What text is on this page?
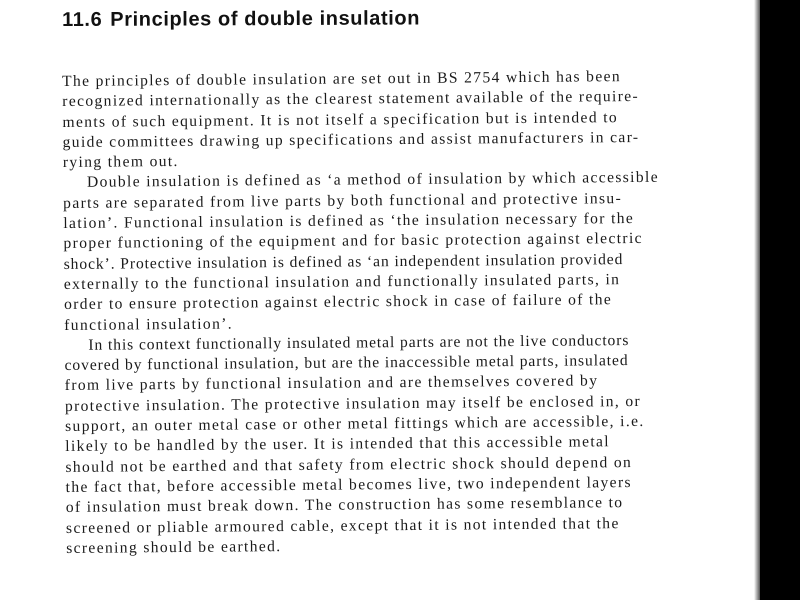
11.6 Principles of double insulation
The principles of double insulation are set out in BS 2754 which has been
recognized internationally as the clearest statement available of the require-
ments of such equipment. It is not itself a specification but is intended to
guide committees drawing up specifications and assist manufacturers in car-
rying them out.
Double insulation is defined as ‘a method of insulation by which accessible
parts are separated from live parts by both functional and protective insu-
lation’. Functional insulation is defined as ‘the insulation necessary for the
proper functioning of the equipment and for basic protection against electric
shock’. Protective insulation is defined as ‘an independent insulation provided
externally to the functional insulation and functionally insulated parts, in
order to ensure protection against electric shock in case of failure of the
functional insulation’.
In this context functionally insulated metal parts are not the live conductors
covered by functional insulation, but are the inaccessible metal parts, insulated
from live parts by functional insulation and are themselves covered by
protective insulation. The protective insulation may itself be enclosed in, or
support, an outer metal case or other metal fittings which are accessible, i.e.
likely to be handled by the user. It is intended that this accessible metal
should not be earthed and that safety from electric shock should depend on
the fact that, before accessible metal becomes live, two independent layers
of insulation must break down. The construction has some resemblance to
screened or pliable armoured cable, except that it is not intended that the
screening should be earthed.
